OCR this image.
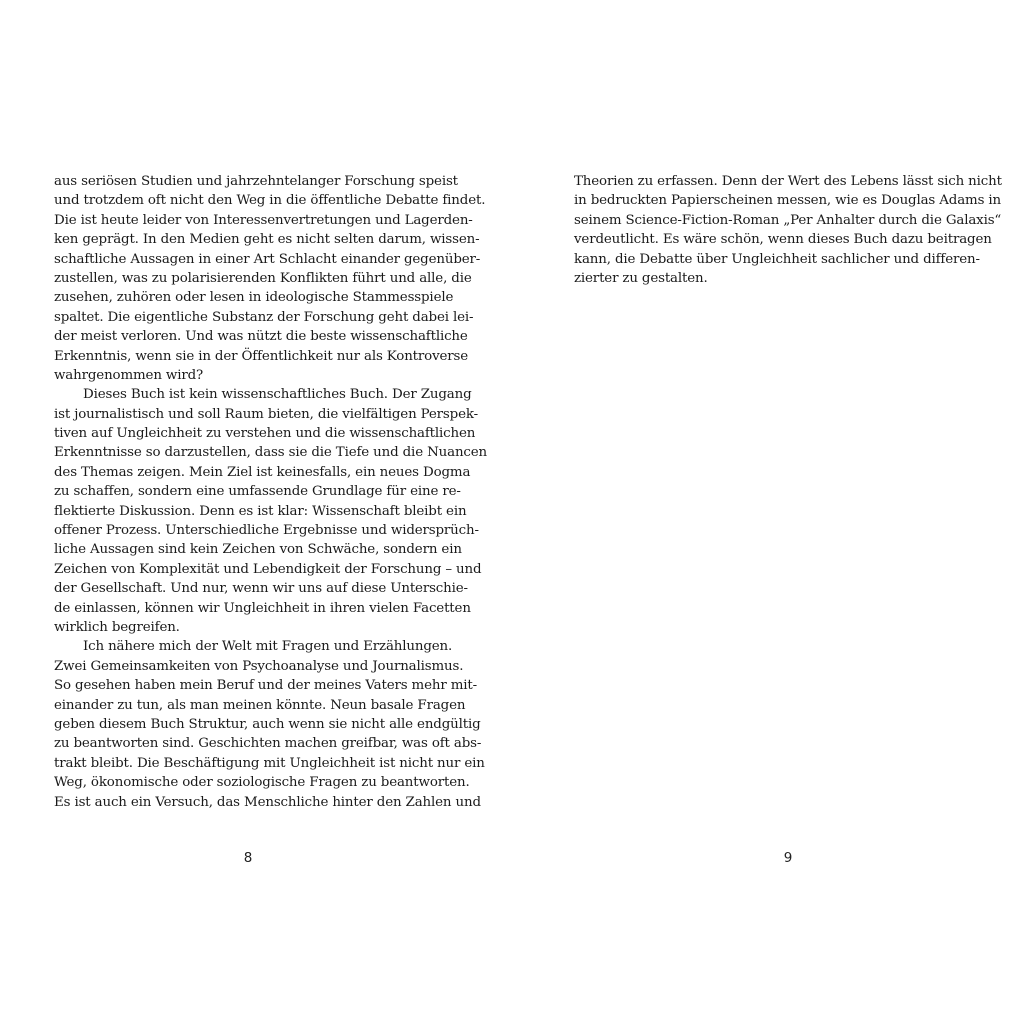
aus seriösen Studien und jahrzehntelanger Forschung speist
und trotzdem oft nicht den Weg in die öffentliche Debatte findet.
Die ist heute leider von Interessenvertretungen und Lagerden-
ken geprägt. In den Medien geht es nicht selten darum, wissen-
schaftliche Aussagen in einer Art Schlacht einander gegenüber-
zustellen, was zu polarisierenden Konflikten führt und alle, die
zusehen, zuhören oder lesen in ideologische Stammesspiele
spaltet. Die eigentliche Substanz der Forschung geht dabei lei-
der meist verloren. Und was nützt die beste wissenschaftliche
Erkenntnis, wenn sie in der Öffentlichkeit nur als Kontroverse
wahrgenommen wird?
Dieses Buch ist kein wissenschaftliches Buch. Der Zugang
ist journalistisch und soll Raum bieten, die vielfältigen Perspek-
tiven auf Ungleichheit zu verstehen und die wissenschaftlichen
Erkenntnisse so darzustellen, dass sie die Tiefe und die Nuancen
des Themas zeigen. Mein Ziel ist keinesfalls, ein neues Dogma
zu schaffen, sondern eine umfassende Grundlage für eine re-
flektierte Diskussion. Denn es ist klar: Wissenschaft bleibt ein
offener Prozess. Unterschiedliche Ergebnisse und widersprüch-
liche Aussagen sind kein Zeichen von Schwäche, sondern ein
Zeichen von Komplexität und Lebendigkeit der Forschung – und
der Gesellschaft. Und nur, wenn wir uns auf diese Unterschie-
de einlassen, können wir Ungleichheit in ihren vielen Facetten
wirklich begreifen.
Ich nähere mich der Welt mit Fragen und Erzählungen.
Zwei Gemeinsamkeiten von Psychoanalyse und Journalismus.
So gesehen haben mein Beruf und der meines Vaters mehr mit-
einander zu tun, als man meinen könnte. Neun basale Fragen
geben diesem Buch Struktur, auch wenn sie nicht alle endgültig
zu beantworten sind. Geschichten machen greifbar, was oft abs-
trakt bleibt. Die Beschäftigung mit Ungleichheit ist nicht nur ein
Weg, ökonomische oder soziologische Fragen zu beantworten.
Es ist auch ein Versuch, das Menschliche hinter den Zahlen und
8
Theorien zu erfassen. Denn der Wert des Lebens lässt sich nicht
in bedruckten Papierscheinen messen, wie es Douglas Adams in
seinem Science-Fiction-Roman „Per Anhalter durch die Galaxis“
verdeutlicht. Es wäre schön, wenn dieses Buch dazu beitragen
kann, die Debatte über Ungleichheit sachlicher und differen-
zierter zu gestalten.
9
